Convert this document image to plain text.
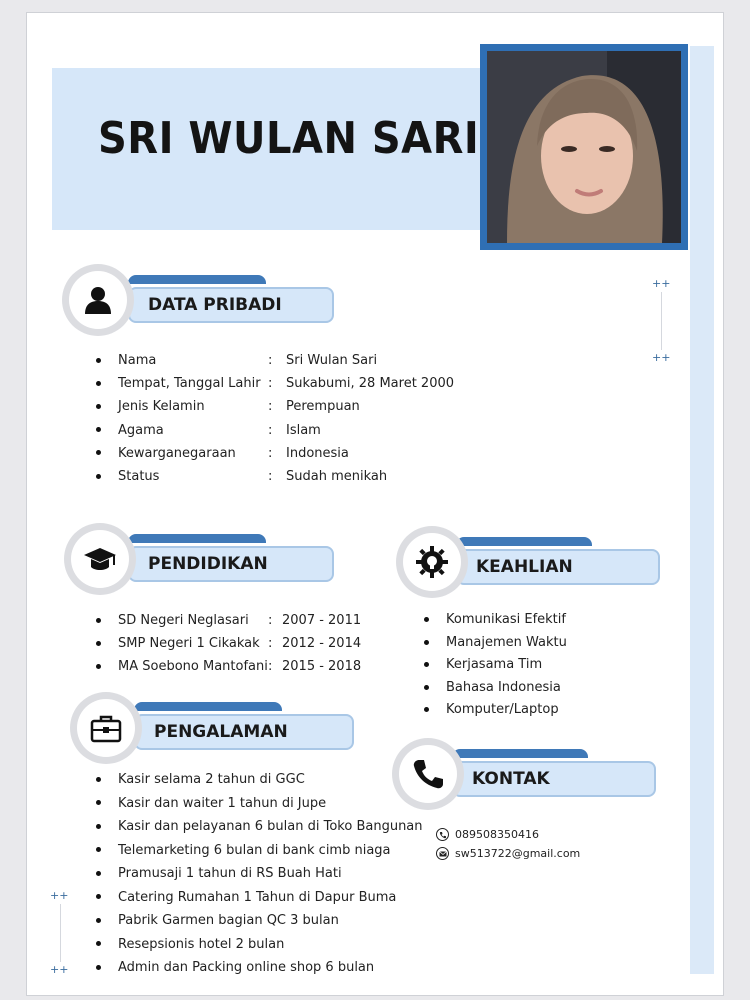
SRI WULAN SARI
++
++
++
++
DATA PRIBADI
Nama	: Sri Wulan Sari
Tempat, Tanggal Lahir : Sukabumi, 28 Maret 2000
Jenis Kelamin	: Perempuan
Agama	: Islam
Kewarganegaraan : Indonesia
Status	: Sudah menikah
PENDIDIKAN
SD Negeri Neglasari : 2007 - 2011
SMP Negeri 1 Cikakak : 2012 - 2014
MA Soebono Mantofani: 2015 - 2018
KEAHLIAN
Komunikasi Efektif
Manajemen Waktu
Kerjasama Tim
Bahasa Indonesia
Komputer/Laptop
PENGALAMAN
Kasir selama 2 tahun di GGC
Kasir dan waiter 1 tahun di Jupe
Kasir dan pelayanan 6 bulan di Toko Bangunan
Telemarketing 6 bulan di bank cimb niaga
Pramusaji 1 tahun di RS Buah Hati
Catering Rumahan 1 Tahun di Dapur Buma
Pabrik Garmen bagian QC 3 bulan
Resepsionis hotel 2 bulan
Admin dan Packing online shop 6 bulan
KONTAK
089508350416
sw513722@gmail.com
